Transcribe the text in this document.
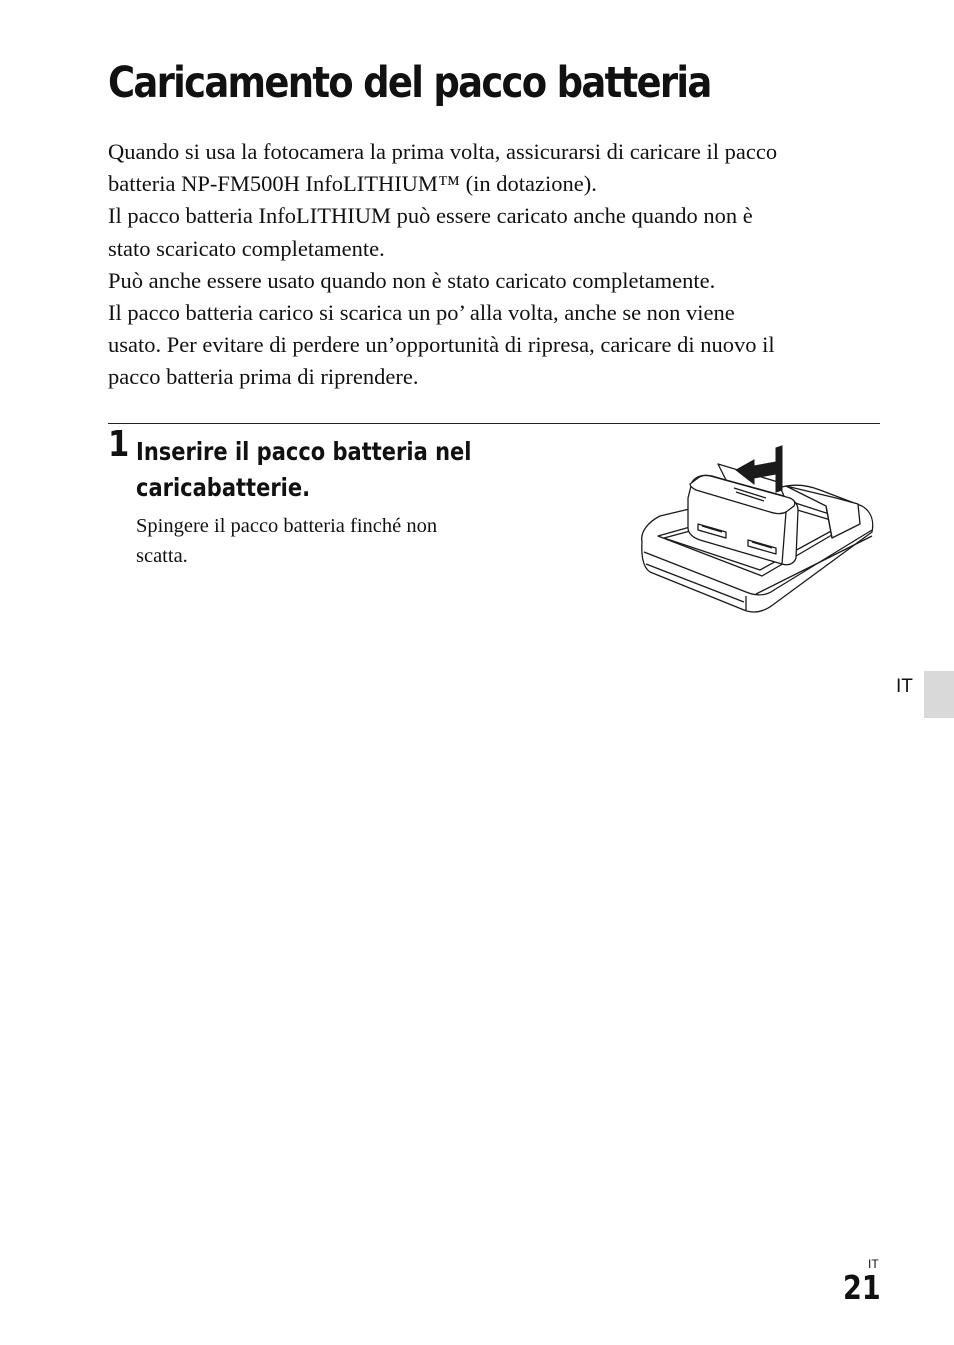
Caricamento del pacco batteria

Quando si usa la fotocamera la prima volta, assicurarsi di caricare il pacco

batteria NP-FM500H InfoLITHIUM™ (in dotazione).

Il pacco batteria InfoLITHIUM può essere caricato anche quando non è

stato scaricato completamente.

Può anche essere usato quando non è stato caricato completamente.

Il pacco batteria carico si scarica un po’ alla volta, anche se non viene

usato. Per evitare di perdere un’opportunità di ripresa, caricare di nuovo il

pacco batteria prima di riprendere.

1 Inserire il pacco batteria nel
caricabatterie.

Spingere il pacco batteria finché non
scatta.

IT
IT
21
